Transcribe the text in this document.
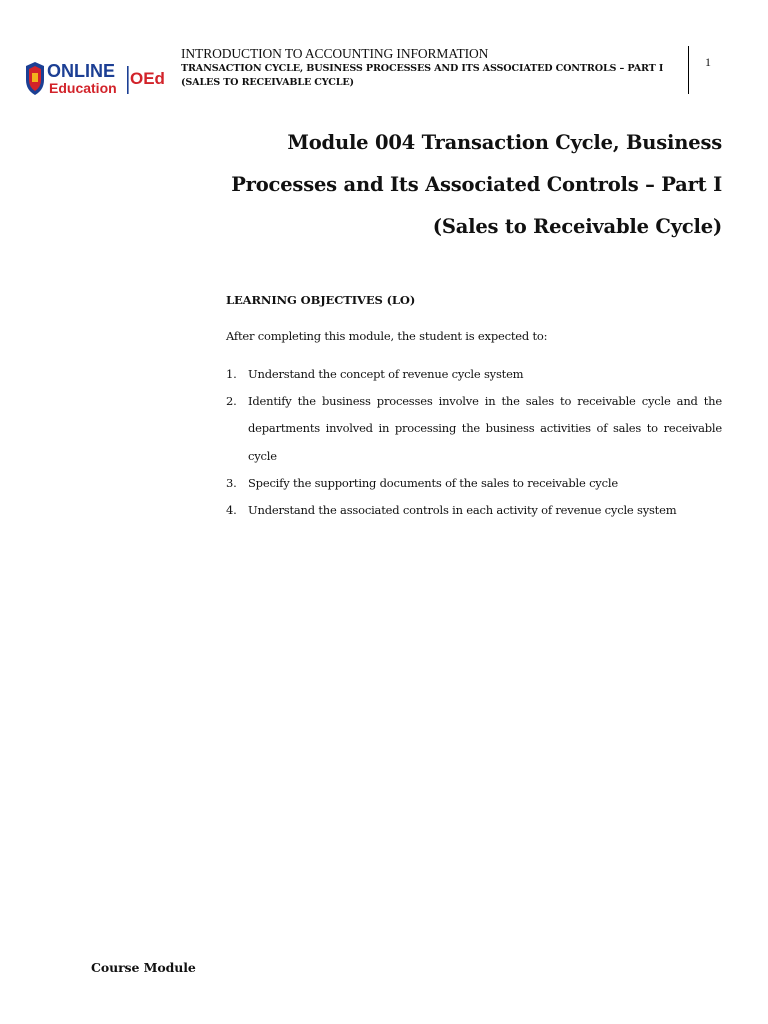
ONLINE
Education OEd
INTRODUCTION TO ACCOUNTING INFORMATION
TRANSACTION CYCLE, BUSINESS PROCESSES AND ITS ASSOCIATED CONTROLS – PART I
(SALES TO RECEIVABLE CYCLE)
1
Module 004 Transaction Cycle, Business
Processes and Its Associated Controls – Part I
(Sales to Receivable Cycle)
LEARNING OBJECTIVES (LO)
After completing this module, the student is expected to:
1. Understand the concept of revenue cycle system
2. Identify the business processes involve in the sales to receivable cycle and the departments involved in processing the business activities of sales to receivable cycle
3. Specify the supporting documents of the sales to receivable cycle
4. Understand the associated controls in each activity of revenue cycle system
Course Module
